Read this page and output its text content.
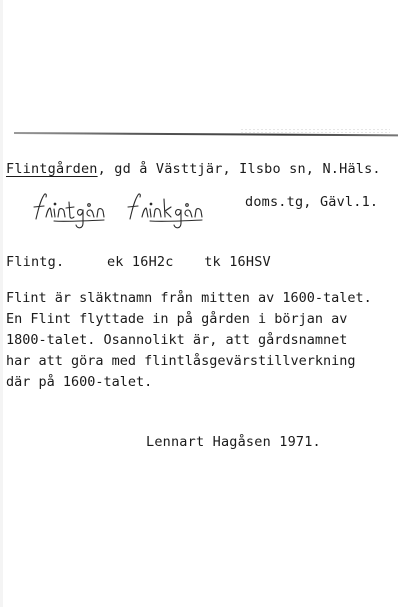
Flintgården, gd å Västtjär, Ilsbo sn, N.Häls.
doms.tg, Gävl.1.
Flintg.	ek 16H2c tk 16HSV
Flint är släktnamn från mitten av 1600-talet.
En Flint flyttade in på gården i början av
1800-talet. Osannolikt är, att gårdsnamnet
har att göra med flintlåsgevärstillverkning
där på 1600-talet.
Lennart Hagåsen 1971.
